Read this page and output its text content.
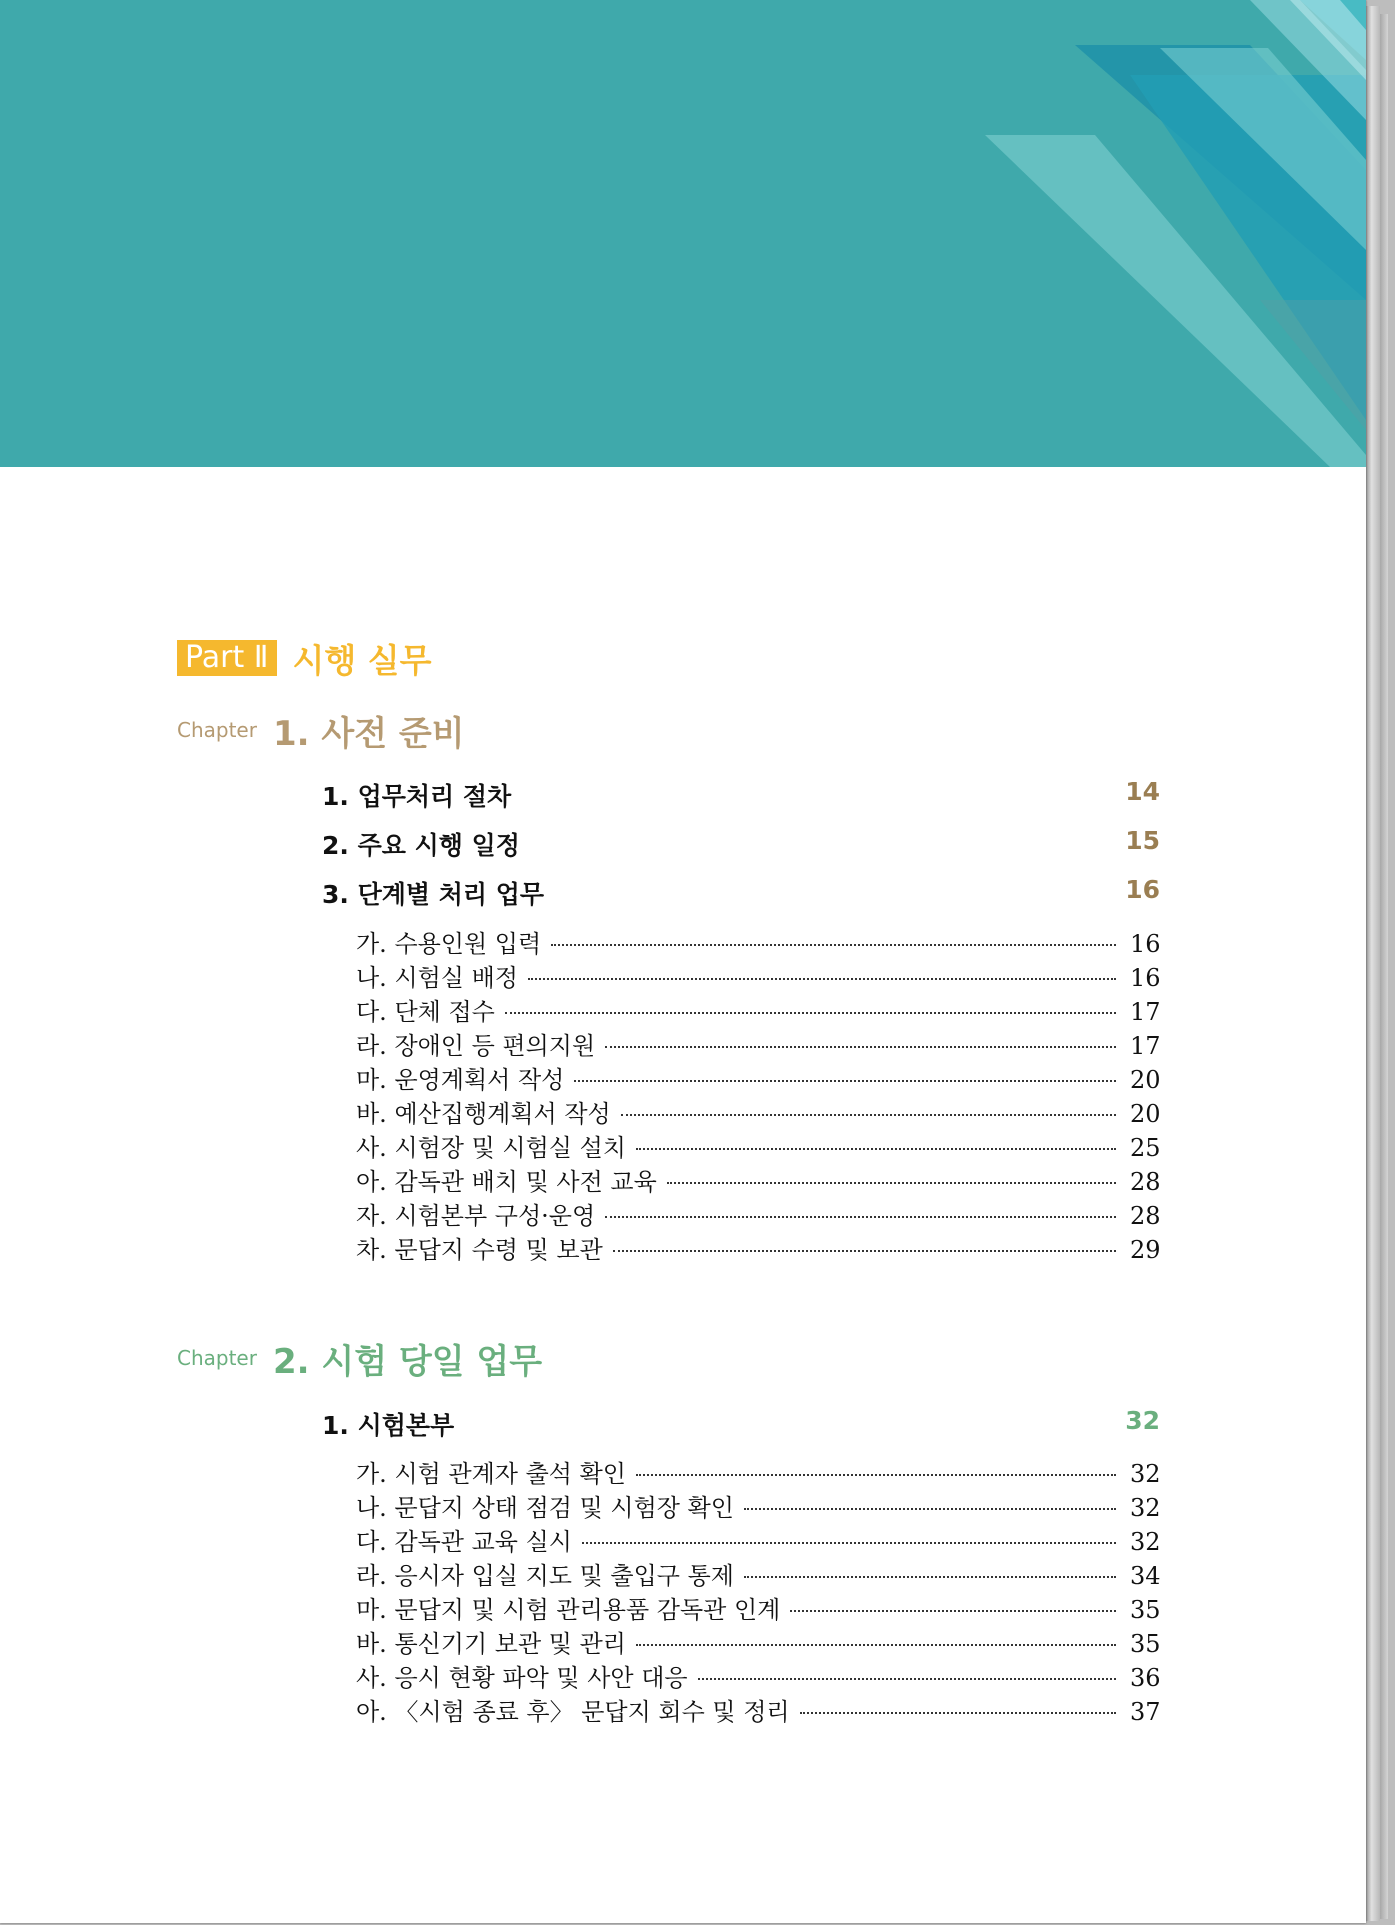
Part Ⅱ 시행 실무
Chapter 1. 사전 준비
1. 업무처리 절차	14
2. 주요 시행 일정	15
3. 단계별 처리 업무	16
가. 수용인원 입력	16
나. 시험실 배정	16
다. 단체 접수	17
라. 장애인 등 편의지원	17
마. 운영계획서 작성	20
바. 예산집행계획서 작성	20
사. 시험장 및 시험실 설치	25
아. 감독관 배치 및 사전 교육	28
자. 시험본부 구성·운영	28
차. 문답지 수령 및 보관	29
Chapter 2. 시험 당일 업무
1. 시험본부	32
가. 시험 관계자 출석 확인	32
나. 문답지 상태 점검 및 시험장 확인	32
다. 감독관 교육 실시	32
라. 응시자 입실 지도 및 출입구 통제	34
마. 문답지 및 시험 관리용품 감독관 인계	35
바. 통신기기 보관 및 관리	35
사. 응시 현황 파악 및 사안 대응	36
아. 〈시험 종료 후〉 문답지 회수 및 정리	37
